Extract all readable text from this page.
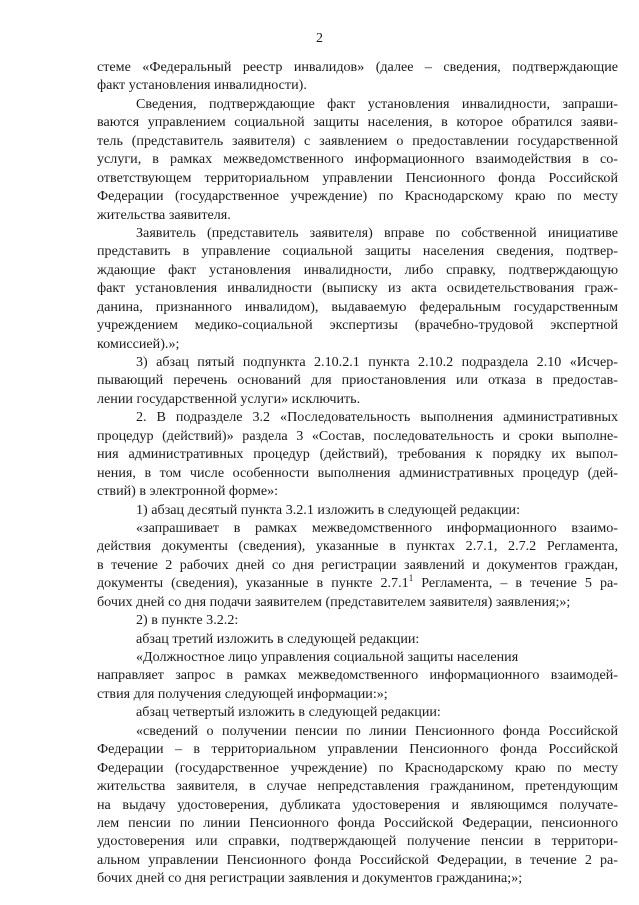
2
стеме «Федеральный реестр инвалидов» (далее – сведения, подтверждающие
факт установления инвалидности).
Сведения, подтверждающие факт установления инвалидности, запраши-
ваются управлением социальной защиты населения, в которое обратился заяви-
тель (представитель заявителя) с заявлением о предоставлении государственной
услуги, в рамках межведомственного информационного взаимодействия в со-
ответствующем территориальном управлении Пенсионного фонда Российской
Федерации (государственное учреждение) по Краснодарскому краю по месту
жительства заявителя.
Заявитель (представитель заявителя) вправе по собственной инициативе
представить в управление социальной защиты населения сведения, подтвер-
ждающие факт установления инвалидности, либо справку, подтверждающую
факт установления инвалидности (выписку из акта освидетельствования граж-
данина, признанного инвалидом), выдаваемую федеральным государственным
учреждением медико-социальной экспертизы (врачебно-трудовой экспертной
комиссией).»;
3) абзац пятый подпункта 2.10.2.1 пункта 2.10.2 подраздела 2.10 «Исчер-
пывающий перечень оснований для приостановления или отказа в предостав-
лении государственной услуги» исключить.
2. В подразделе 3.2 «Последовательность выполнения административных
процедур (действий)» раздела 3 «Состав, последовательность и сроки выполне-
ния административных процедур (действий), требования к порядку их выпол-
нения, в том числе особенности выполнения административных процедур (дей-
ствий) в электронной форме»:
1) абзац десятый пункта 3.2.1 изложить в следующей редакции:
«запрашивает в рамках межведомственного информационного взаимо-
действия документы (сведения), указанные в пунктах 2.7.1, 2.7.2 Регламента,
в течение 2 рабочих дней со дня регистрации заявлений и документов граждан,
документы (сведения), указанные в пункте 2.7.1$^1$ Регламента, – в течение 5 ра-
бочих дней со дня подачи заявителем (представителем заявителя) заявления;»;
2) в пункте 3.2.2:
абзац третий изложить в следующей редакции:
«Должностное лицо управления социальной защиты населения
направляет запрос в рамках межведомственного информационного взаимодей-
ствия для получения следующей информации:»;
абзац четвертый изложить в следующей редакции:
«сведений о получении пенсии по линии Пенсионного фонда Российской
Федерации – в территориальном управлении Пенсионного фонда Российской
Федерации (государственное учреждение) по Краснодарскому краю по месту
жительства заявителя, в случае непредставления гражданином, претендующим
на выдачу удостоверения, дубликата удостоверения и являющимся получате-
лем пенсии по линии Пенсионного фонда Российской Федерации, пенсионного
удостоверения или справки, подтверждающей получение пенсии в территори-
альном управлении Пенсионного фонда Российской Федерации, в течение 2 ра-
бочих дней со дня регистрации заявления и документов гражданина;»;
